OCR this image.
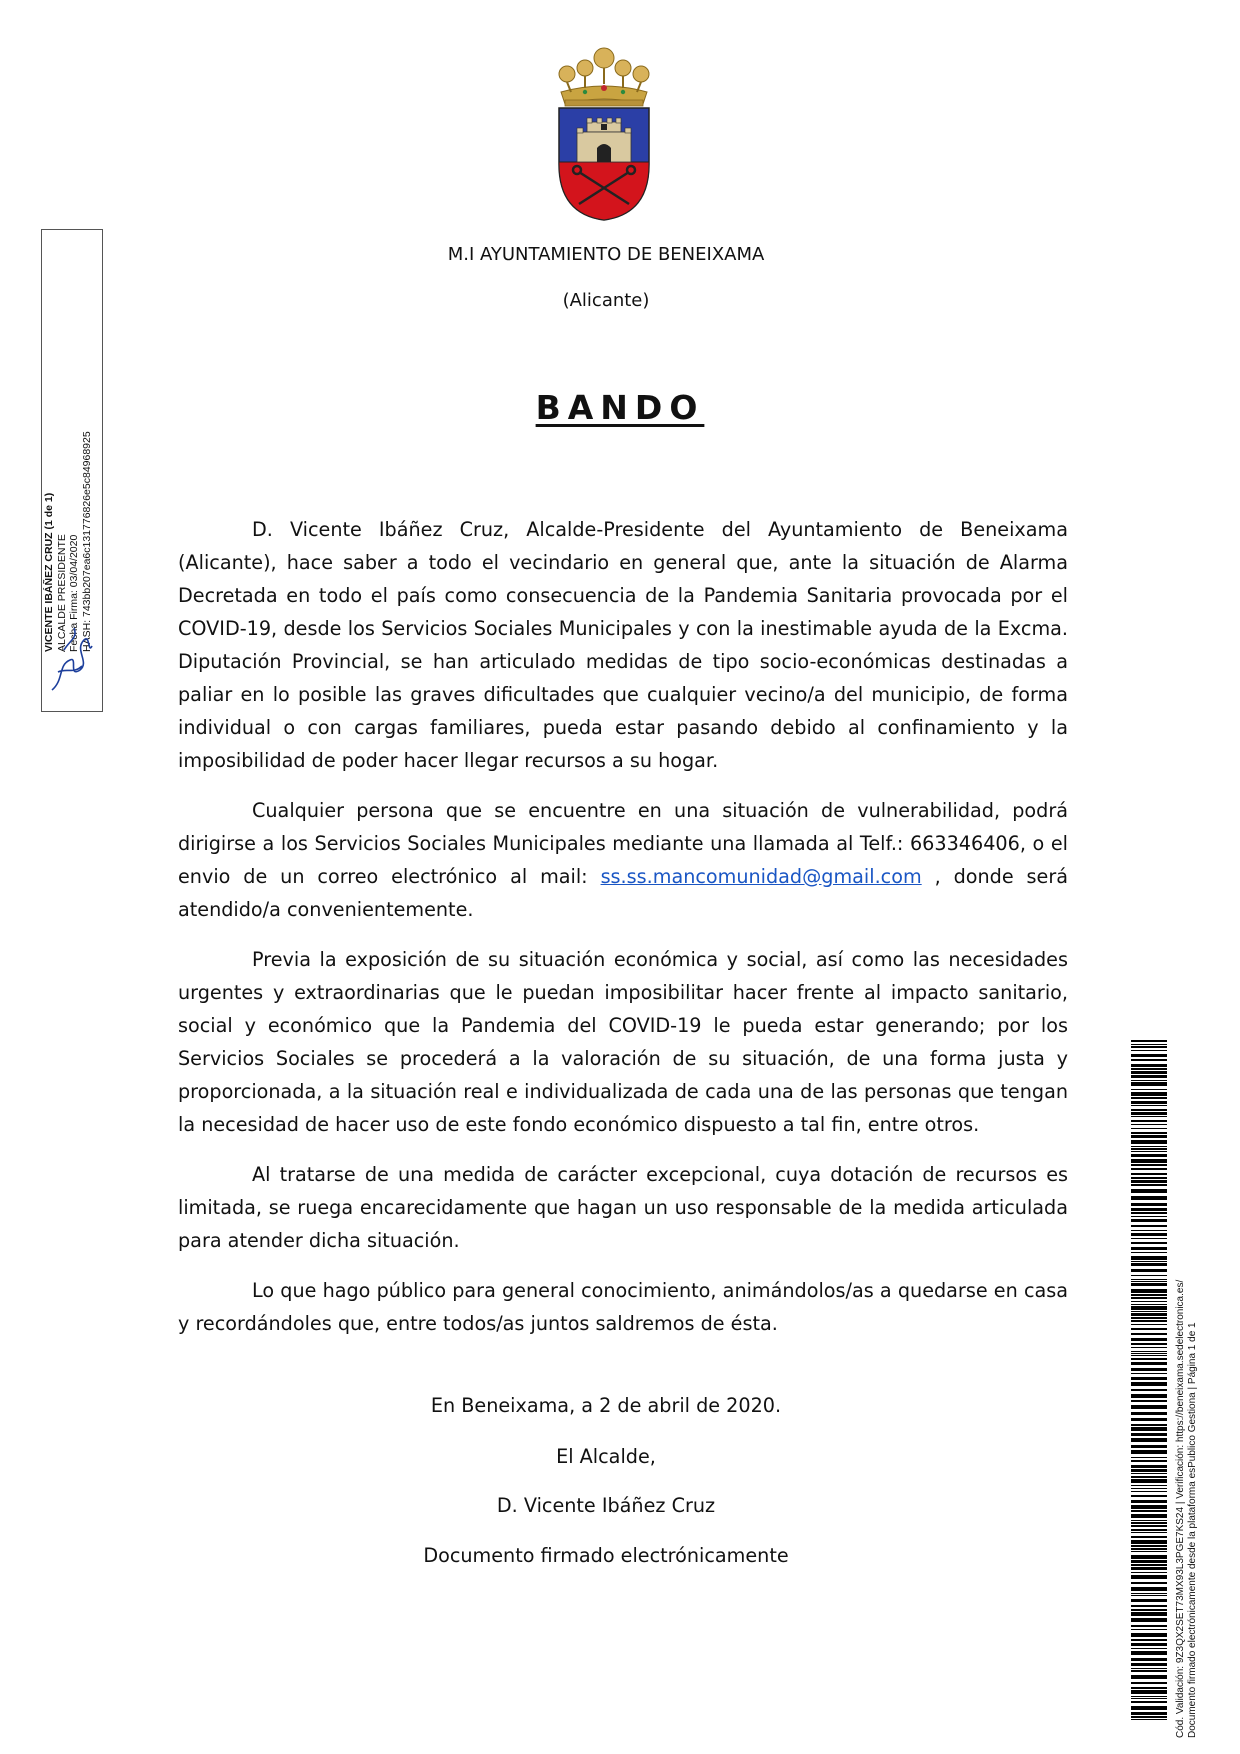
M.I AYUNTAMIENTO DE BENEIXAMA
(Alicante)
BANDO

D. Vicente Ibáñez Cruz, Alcalde-Presidente del Ayuntamiento de Beneixama (Alicante), hace saber a todo el vecindario en general que, ante la situación de Alarma Decretada en todo el país como consecuencia de la Pandemia Sanitaria provocada por el COVID-19, desde los Servicios Sociales Municipales y con la inestimable ayuda de la Excma. Diputación Provincial, se han articulado medidas de tipo socio-económicas destinadas a paliar en lo posible las graves dificultades que cualquier vecino/a del municipio, de forma individual o con cargas familiares, pueda estar pasando debido al confinamiento y la imposibilidad de poder hacer llegar recursos a su hogar.

Cualquier persona que se encuentre en una situación de vulnerabilidad, podrá dirigirse a los Servicios Sociales Municipales mediante una llamada al Telf.: 663346406, o el envio de un correo electrónico al mail: ss.ss.mancomunidad@gmail.com , donde será atendido/a convenientemente.

Previa la exposición de su situación económica y social, así como las necesidades urgentes y extraordinarias que le puedan imposibilitar hacer frente al impacto sanitario, social y económico que la Pandemia del COVID-19 le pueda estar generando; por los Servicios Sociales se procederá a la valoración de su situación, de una forma justa y proporcionada, a la situación real e individualizada de cada una de las personas que tengan la necesidad de hacer uso de este fondo económico dispuesto a tal fin, entre otros.

Al tratarse de una medida de carácter excepcional, cuya dotación de recursos es limitada, se ruega encarecidamente que hagan un uso responsable de la medida articulada para atender dicha situación.

Lo que hago público para general conocimiento, animándolos/as a quedarse en casa y recordándoles que, entre todos/as juntos saldremos de ésta.

En Beneixama, a 2 de abril de 2020.
El Alcalde,
D. Vicente Ibáñez Cruz
Documento firmado electrónicamente
VICENTE IBÁÑEZ CRUZ (1 de 1) ALCALDE PRESIDENTE Fecha Firma: 03/04/2020 HASH: 743bb207ea6c131776826e5c84968925
Cód. Validación: 9Z3QX2SET73MX93L3PGE7KS24 | Verificación: https://beneixama.sedelectronica.es/ Documento firmado electrónicamente desde la plataforma esPublico Gestiona | Página 1 de 1
